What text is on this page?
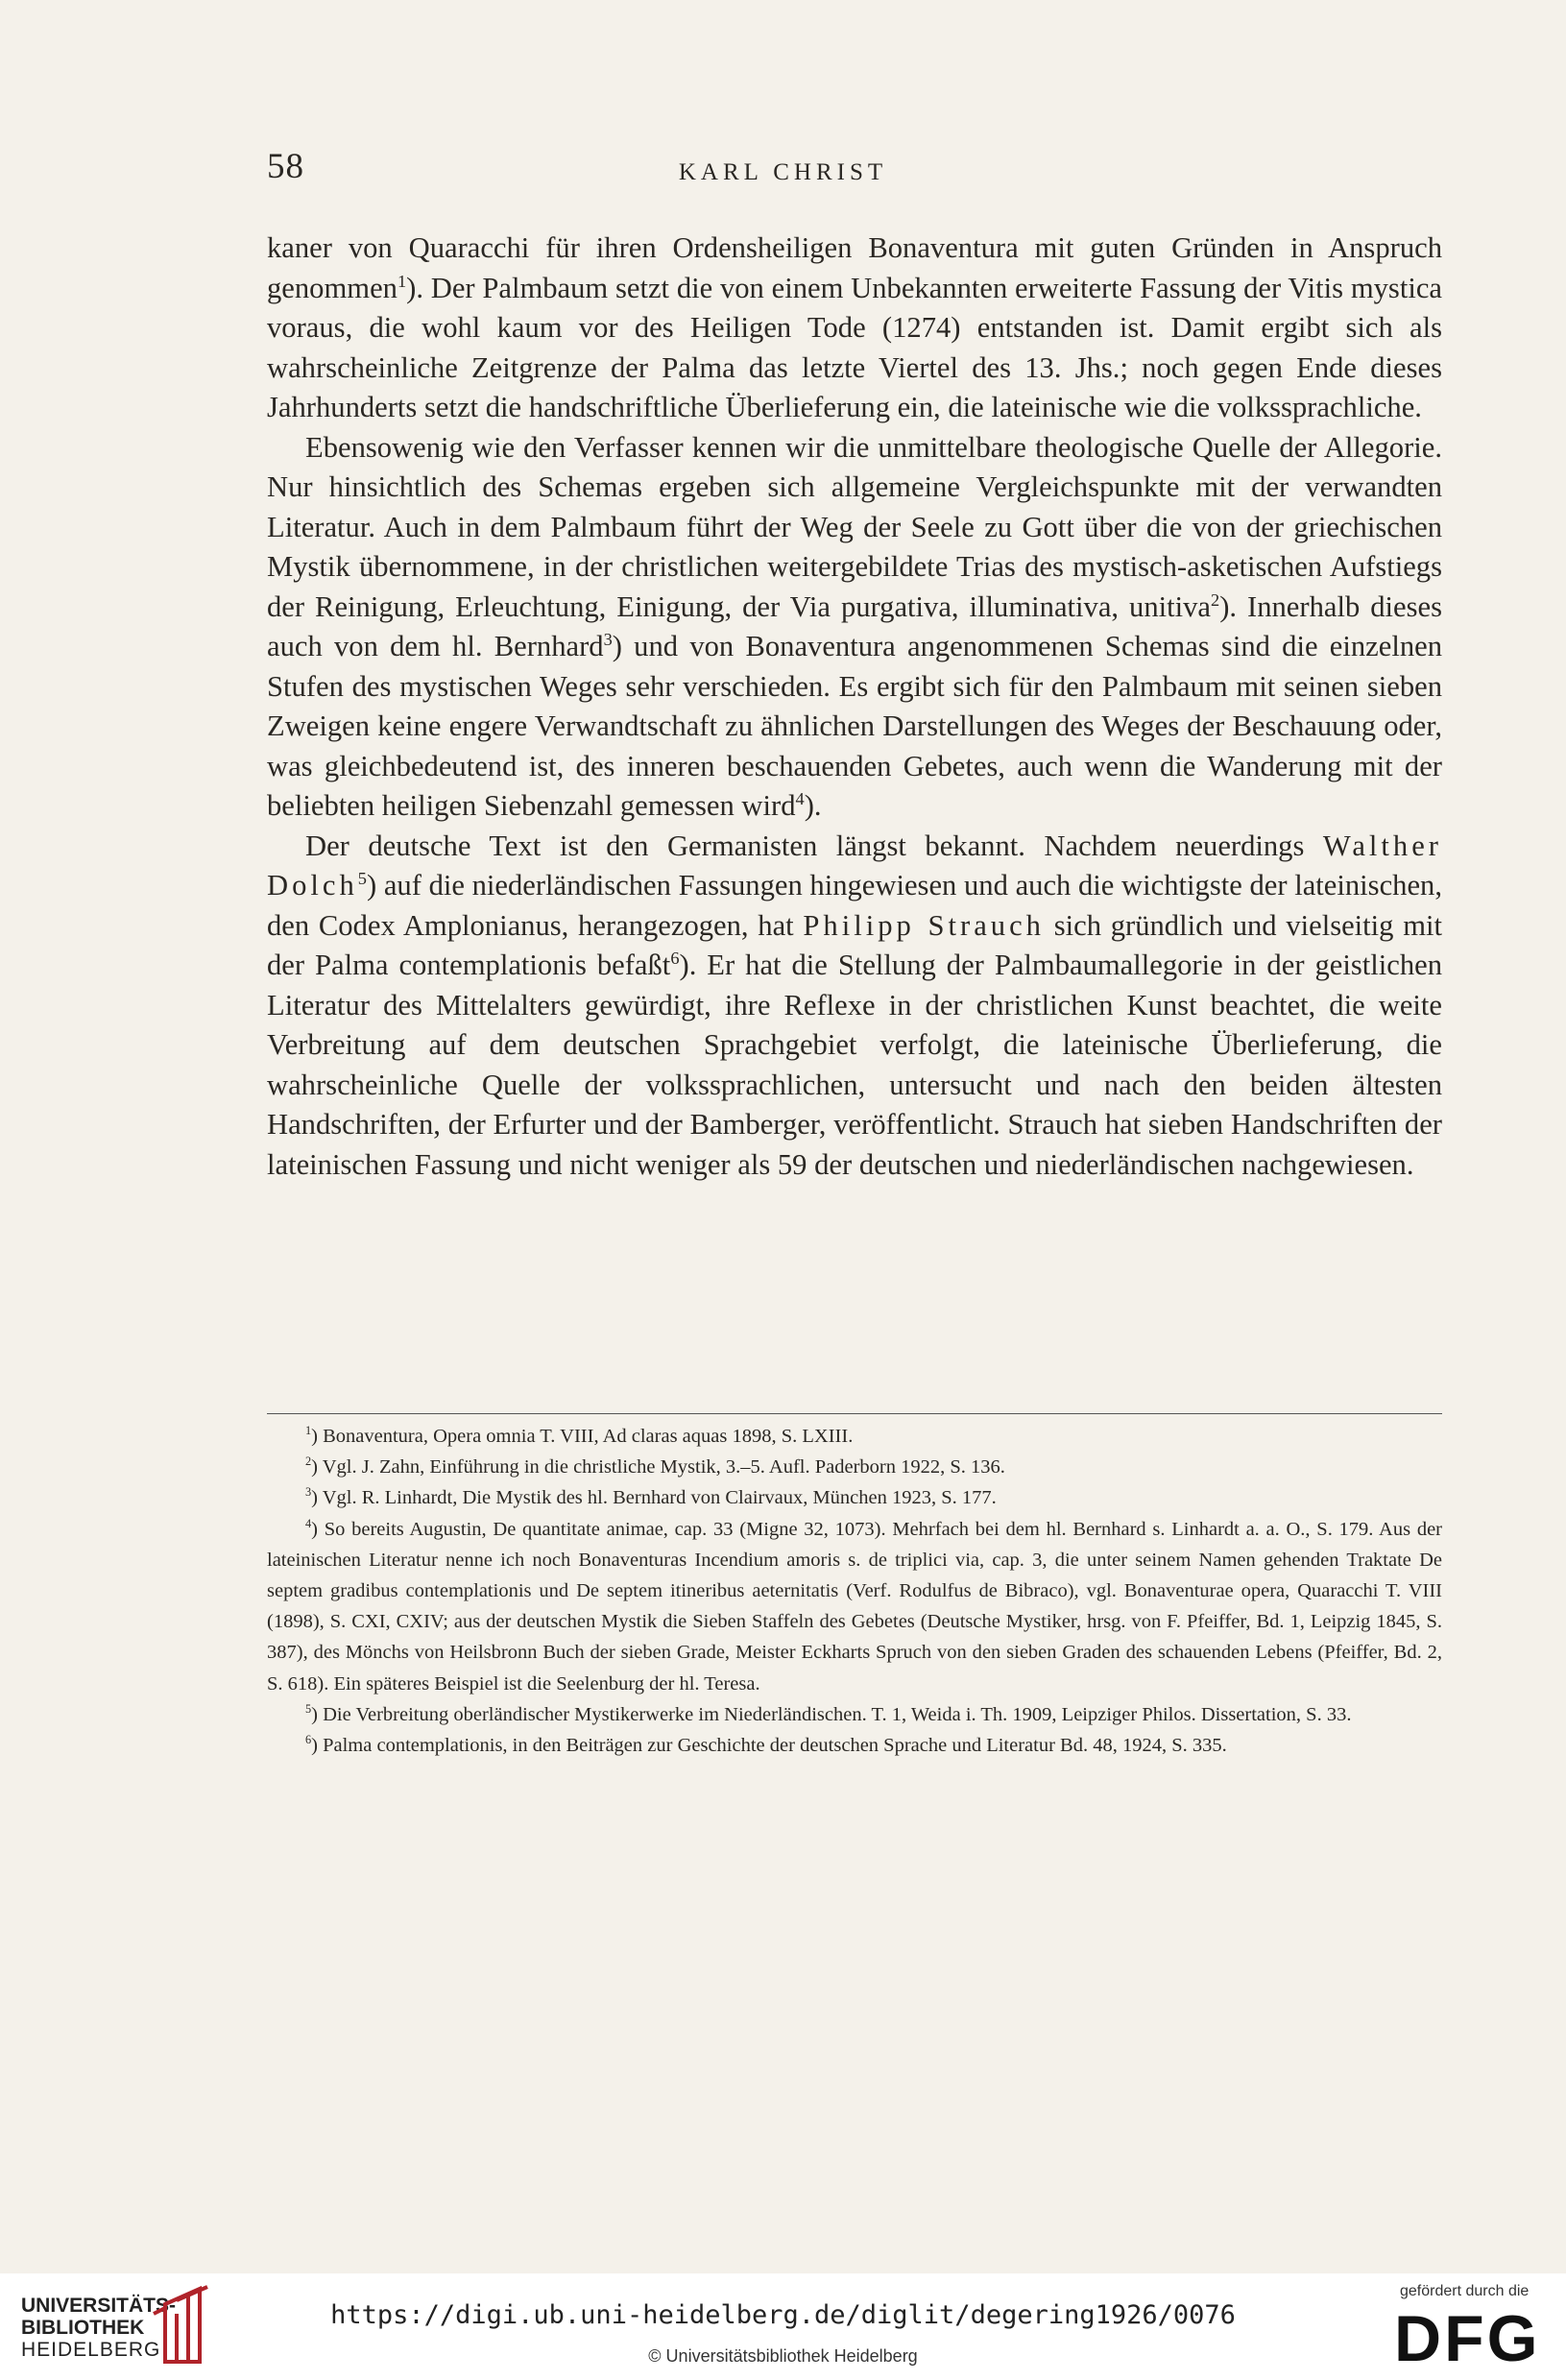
58	KARL CHRIST

kaner von Quaracchi für ihren Ordensheiligen Bonaventura mit guten Gründen in Anspruch genommen$^1$). Der Palmbaum setzt die von einem Unbekannten erweiterte Fassung der Vitis mystica voraus, die wohl kaum vor des Heiligen Tode (1274) entstanden ist. Damit ergibt sich als wahrscheinliche Zeitgrenze der Palma das letzte Viertel des 13. Jhs.; noch gegen Ende dieses Jahrhunderts setzt die handschriftliche Überlieferung ein, die lateinische wie die volkssprachliche.

Ebensowenig wie den Verfasser kennen wir die unmittelbare theologische Quelle der Allegorie. Nur hinsichtlich des Schemas ergeben sich allgemeine Vergleichspunkte mit der verwandten Literatur. Auch in dem Palmbaum führt der Weg der Seele zu Gott über die von der griechischen Mystik übernommene, in der christlichen weitergebildete Trias des mystisch-asketischen Aufstiegs der Reinigung, Erleuchtung, Einigung, der Via purgativa, illuminativa, unitiva$^2$). Innerhalb dieses auch von dem hl. Bernhard$^3$) und von Bonaventura angenommenen Schemas sind die einzelnen Stufen des mystischen Weges sehr verschieden. Es ergibt sich für den Palmbaum mit seinen sieben Zweigen keine engere Verwandtschaft zu ähnlichen Darstellungen des Weges der Beschauung oder, was gleichbedeutend ist, des inneren beschauenden Gebetes, auch wenn die Wanderung mit der beliebten heiligen Siebenzahl gemessen wird$^4$).

Der deutsche Text ist den Germanisten längst bekannt. Nachdem neuerdings Walther Dolch$^5$) auf die niederländischen Fassungen hingewiesen und auch die wichtigste der lateinischen, den Codex Amplonianus, herangezogen, hat Philipp Strauch sich gründlich und vielseitig mit der Palma contemplationis befaßt$^6$). Er hat die Stellung der Palmbaumallegorie in der geistlichen Literatur des Mittelalters gewürdigt, ihre Reflexe in der christlichen Kunst beachtet, die weite Verbreitung auf dem deutschen Sprachgebiet verfolgt, die lateinische Überlieferung, die wahrscheinliche Quelle der volkssprachlichen, untersucht und nach den beiden ältesten Handschriften, der Erfurter und der Bamberger, veröffentlicht. Strauch hat sieben Handschriften der lateinischen Fassung und nicht weniger als 59 der deutschen und niederländischen nachgewiesen.

$^1$) Bonaventura, Opera omnia T. VIII, Ad claras aquas 1898, S. LXIII.

$^2$) Vgl. J. Zahn, Einführung in die christliche Mystik, 3.–5. Aufl. Paderborn 1922, S. 136.

$^3$) Vgl. R. Linhardt, Die Mystik des hl. Bernhard von Clairvaux, München 1923, S. 177.

$^4$) So bereits Augustin, De quantitate animae, cap. 33 (Migne 32, 1073). Mehrfach bei dem hl. Bernhard s. Linhardt a. a. O., S. 179. Aus der lateinischen Literatur nenne ich noch Bonaventuras Incendium amoris s. de triplici via, cap. 3, die unter seinem Namen gehenden Traktate De septem gradibus contemplationis und De septem itineribus aeternitatis (Verf. Rodulfus de Bibraco), vgl. Bonaventurae opera, Quaracchi T. VIII (1898), S. CXI, CXIV; aus der deutschen Mystik die Sieben Staffeln des Gebetes (Deutsche Mystiker, hrsg. von F. Pfeiffer, Bd. 1, Leipzig 1845, S. 387), des Mönchs von Heilsbronn Buch der sieben Grade, Meister Eckharts Spruch von den sieben Graden des schauenden Lebens (Pfeiffer, Bd. 2, S. 618). Ein späteres Beispiel ist die Seelenburg der hl. Teresa.

$^5$) Die Verbreitung oberländischer Mystikerwerke im Niederländischen. T. 1, Weida i. Th. 1909, Leipziger Philos. Dissertation, S. 33.

$^6$) Palma contemplationis, in den Beiträgen zur Geschichte der deutschen Sprache und Literatur Bd. 48, 1924, S. 335.

UNIVERSITÄTS-
BIBLIOTHEK
HEIDELBERG
https://digi.ub.uni-heidelberg.de/diglit/degering1926/0076
© Universitätsbibliothek Heidelberg
gefördert durch die
DFG
